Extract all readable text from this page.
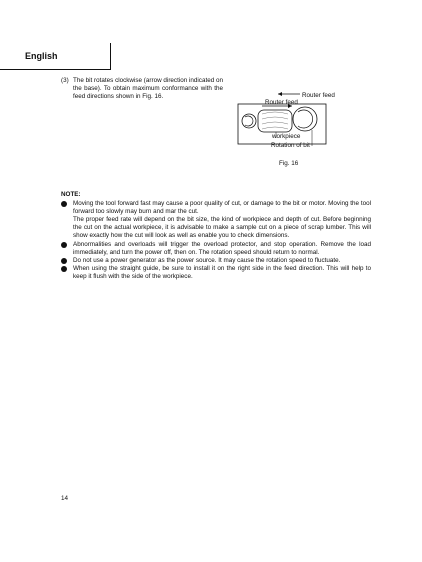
English
(3) The bit rotates clockwise (arrow direction indicated on the base). To obtain maximum conformance with the feed directions shown in Fig. 16.	Router feed
Router feed
workpiece
Rotation of bit
Fig. 16

NOTE:

Moving the tool forward fast may cause a poor quality of cut, or damage to the bit or motor. Moving the tool forward too slowly may burn and mar the cut.
The proper feed rate will depend on the bit size, the kind of workpiece and depth of cut. Before beginning the cut on the actual workpiece, it is advisable to make a sample cut on a piece of scrap lumber. This will show exactly how the cut will look as well as enable you to check dimensions.
Abnormalities and overloads will trigger the overload protector, and stop operation. Remove the load immediately, and turn the power off, then on. The rotation speed should return to normal.
Do not use a power generator as the power source. It may cause the rotation speed to fluctuate.
When using the straight guide, be sure to install it on the right side in the feed direction. This will help to keep it flush with the side of the workpiece.
14
